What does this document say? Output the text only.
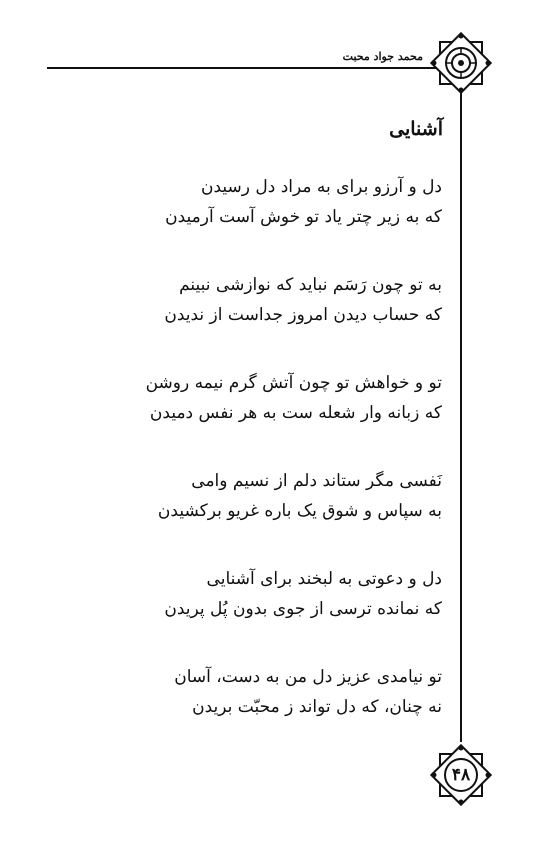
محمد جواد محبت
آشنایی
دل و آرزو برای به مراد دل رسیدن
که به زیر چتر یاد تو خوش آست آرمیدن
به تو چون رَسَم نباید که نوازشی نبینم
که حساب دیدن امروز جداست از ندیدن
تو و خواهش تو چون آتش گرم نیمه روشن
که زبانه وار شعله ست به هر نفس دمیدن
نَفسی مگر ستاند دلم از نسیم وامی
به سپاس و شوق یک باره غریو برکشیدن
دل و دعوتی به لبخند برای آشنایی
که نمانده ترسی از جوی بدون پُل پریدن
تو نیامدی عزیز دل من به دست، آسان
نه چنان، که دل تواند ز محبّت بریدن
۴۸
